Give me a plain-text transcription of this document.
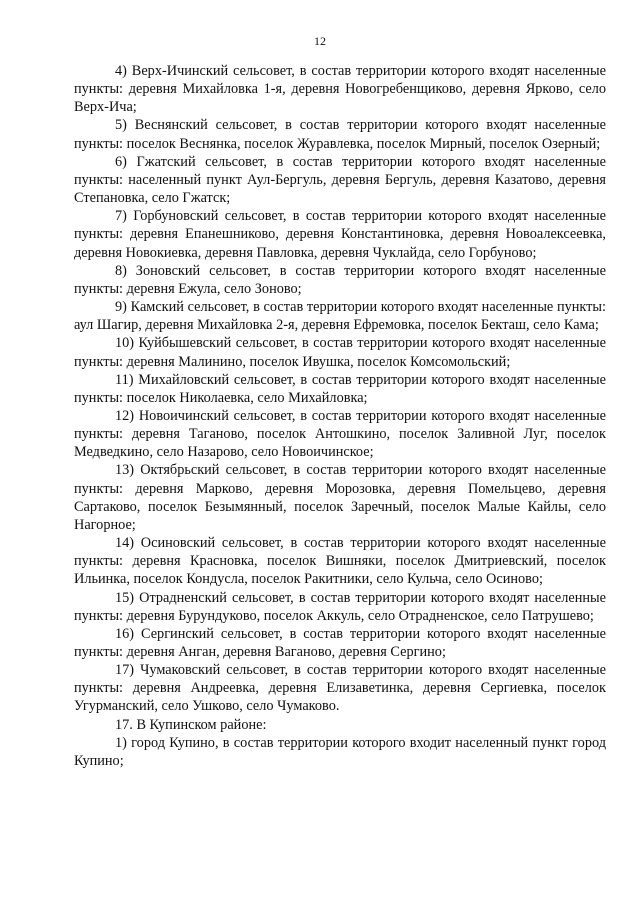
12

4) Верх-Ичинский сельсовет, в состав территории которого входят населенные пункты: деревня Михайловка 1-я, деревня Новогребенщиково, деревня Ярково, село Верх-Ича;

5) Веснянский сельсовет, в состав территории которого входят населенные пункты: поселок Веснянка, поселок Журавлевка, поселок Мирный, поселок Озерный;

6) Гжатский сельсовет, в состав территории которого входят населенные пункты: населенный пункт Аул-Бергуль, деревня Бергуль, деревня Казатово, деревня Степановка, село Гжатск;

7) Горбуновский сельсовет, в состав территории которого входят населенные пункты: деревня Епанешниково, деревня Константиновка, деревня Новоалексеевка, деревня Новокиевка, деревня Павловка, деревня Чуклайда, село Горбуново;

8) Зоновский сельсовет, в состав территории которого входят населенные пункты: деревня Ежула, село Зоново;

9) Камский сельсовет, в состав территории которого входят населенные пункты: аул Шагир, деревня Михайловка 2-я, деревня Ефремовка, поселок Бекташ, село Кама;

10) Куйбышевский сельсовет, в состав территории которого входят населенные пункты: деревня Малинино, поселок Ивушка, поселок Комсомольский;

11) Михайловский сельсовет, в состав территории которого входят населенные пункты: поселок Николаевка, село Михайловка;

12) Новоичинский сельсовет, в состав территории которого входят населенные пункты: деревня Таганово, поселок Антошкино, поселок Заливной Луг, поселок Медведкино, село Назарово, село Новоичинское;

13) Октябрьский сельсовет, в состав территории которого входят населенные пункты: деревня Марково, деревня Морозовка, деревня Помельцево, деревня Сартаково, поселок Безымянный, поселок Заречный, поселок Малые Кайлы, село Нагорное;

14) Осиновский сельсовет, в состав территории которого входят населенные пункты: деревня Красновка, поселок Вишняки, поселок Дмитриевский, поселок Ильинка, поселок Кондусла, поселок Ракитники, село Кульча, село Осиново;

15) Отрадненский сельсовет, в состав территории которого входят населенные пункты: деревня Бурундуково, поселок Аккуль, село Отрадненское, село Патрушево;

16) Сергинский сельсовет, в состав территории которого входят населенные пункты: деревня Анган, деревня Ваганово, деревня Сергино;

17) Чумаковский сельсовет, в состав территории которого входят населенные пункты: деревня Андреевка, деревня Елизаветинка, деревня Сергиевка, поселок Угурманский, село Ушково, село Чумаково.

17. В Купинском районе:

1) город Купино, в состав территории которого входит населенный пункт город Купино;
